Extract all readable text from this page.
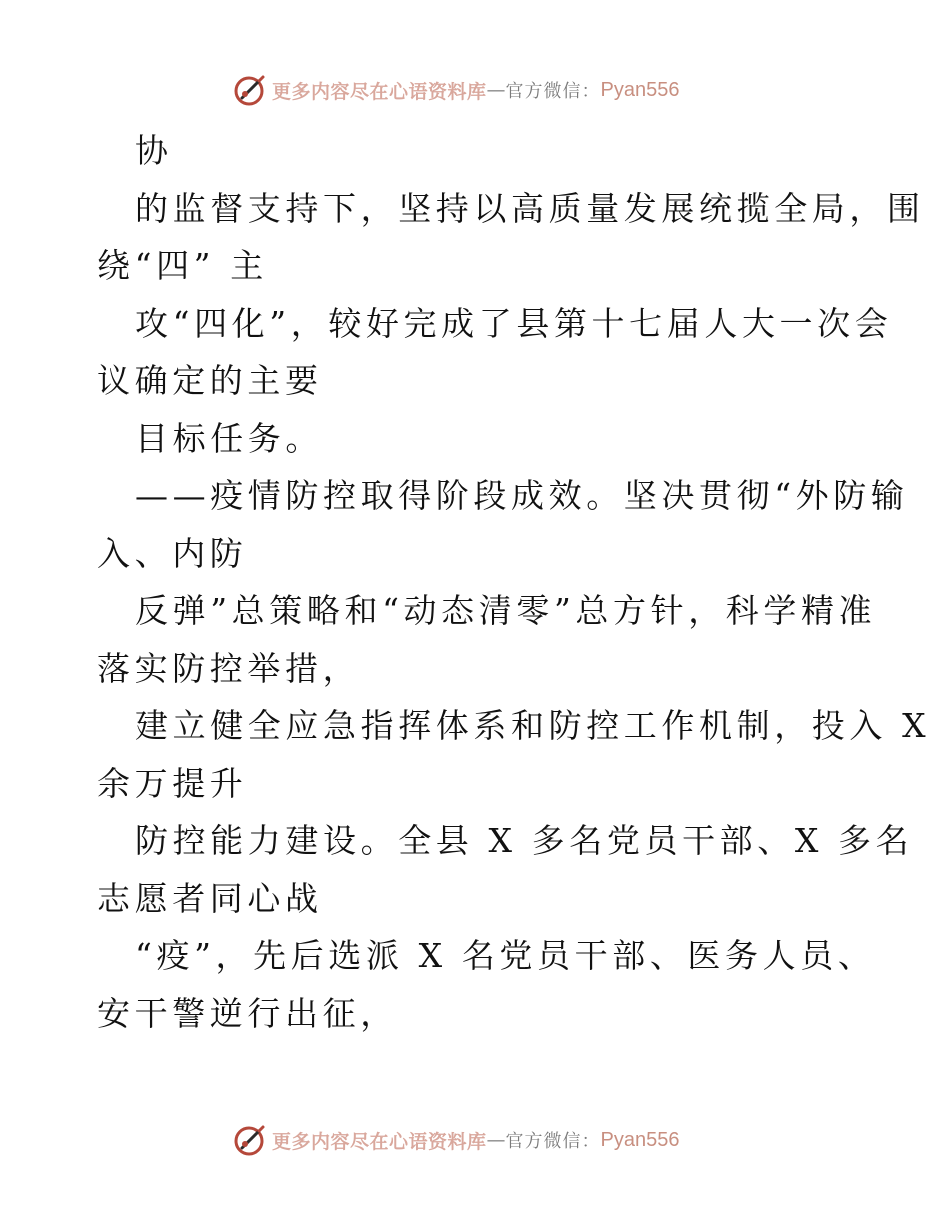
更多内容尽在心语资料库 — 官方微信： Pyan556
协
的监督支持下，坚持以高质量发展统揽全局，围
绕“四” 主
攻“四化”，较好完成了县第十七届人大一次会
议确定的主要
目标任务。
——疫情防控取得阶段成效。坚决贯彻“外防输
入、内防
反弹”总策略和“动态清零”总方针，科学精准
落实防控举措，
建立健全应急指挥体系和防控工作机制，投入 X
余万提升
防控能力建设。全县 X 多名党员干部、X 多名
志愿者同心战
“疫”，先后选派 X 名党员干部、医务人员、
安干警逆行出征，
更多内容尽在心语资料库 — 官方微信： Pyan556
